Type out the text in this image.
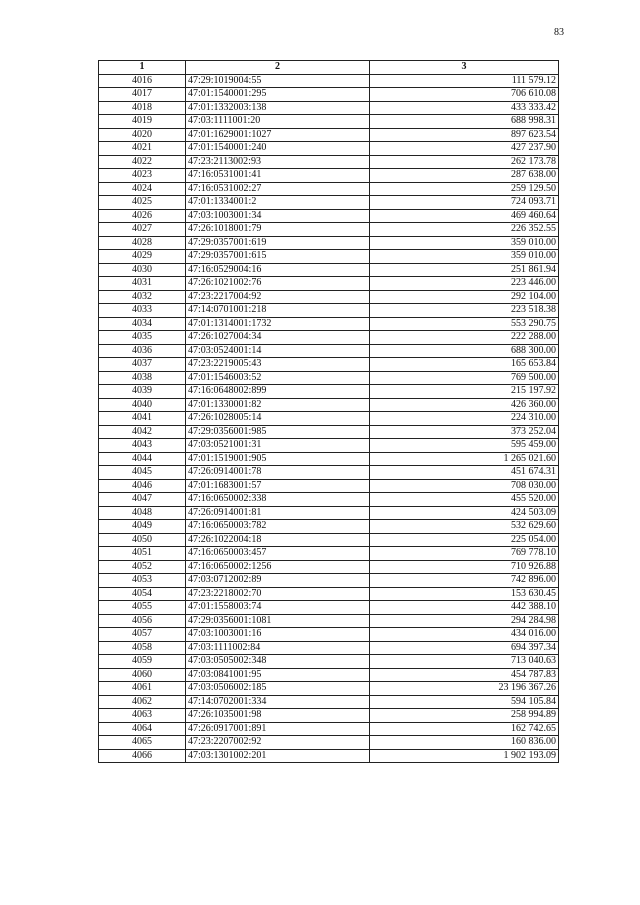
83
1	2	3
4016	47:29:1019004:55	111 579.12
4017	47:01:1540001:295	706 610.08
4018	47:01:1332003:138	433 333.42
4019	47:03:1111001:20	688 998.31
4020	47:01:1629001:1027	897 623.54
4021	47:01:1540001:240	427 237.90
4022	47:23:2113002:93	262 173.78
4023	47:16:0531001:41	287 638.00
4024	47:16:0531002:27	259 129.50
4025	47:01:1334001:2	724 093.71
4026	47:03:1003001:34	469 460.64
4027	47:26:1018001:79	226 352.55
4028	47:29:0357001:619	359 010.00
4029	47:29:0357001:615	359 010.00
4030	47:16:0529004:16	251 861.94
4031	47:26:1021002:76	223 446.00
4032	47:23:2217004:92	292 104.00
4033	47:14:0701001:218	223 518.38
4034	47:01:1314001:1732	553 290.75
4035	47:26:1027004:34	222 288.00
4036	47:03:0524001:14	688 300.00
4037	47:23:2219005:43	165 653.84
4038	47:01:1546003:52	769 500.00
4039	47:16:0648002:899	215 197.92
4040	47:01:1330001:82	426 360.00
4041	47:26:1028005:14	224 310.00
4042	47:29:0356001:985	373 252.04
4043	47:03:0521001:31	595 459.00
4044	47:01:1519001:905	1 265 021.60
4045	47:26:0914001:78	451 674.31
4046	47:01:1683001:57	708 030.00
4047	47:16:0650002:338	455 520.00
4048	47:26:0914001:81	424 503.09
4049	47:16:0650003:782	532 629.60
4050	47:26:1022004:18	225 054.00
4051	47:16:0650003:457	769 778.10
4052	47:16:0650002:1256	710 926.88
4053	47:03:0712002:89	742 896.00
4054	47:23:2218002:70	153 630.45
4055	47:01:1558003:74	442 388.10
4056	47:29:0356001:1081	294 284.98
4057	47:03:1003001:16	434 016.00
4058	47:03:1111002:84	694 397.34
4059	47:03:0505002:348	713 040.63
4060	47:03:0841001:95	454 787.83
4061	47:03:0506002:185	23 196 367.26
4062	47:14:0702001:334	594 105.84
4063	47:26:1035001:98	258 994.89
4064	47:26:0917001:891	162 742.65
4065	47:23:2207002:92	160 836.00
4066	47:03:1301002:201	1 902 193.09
